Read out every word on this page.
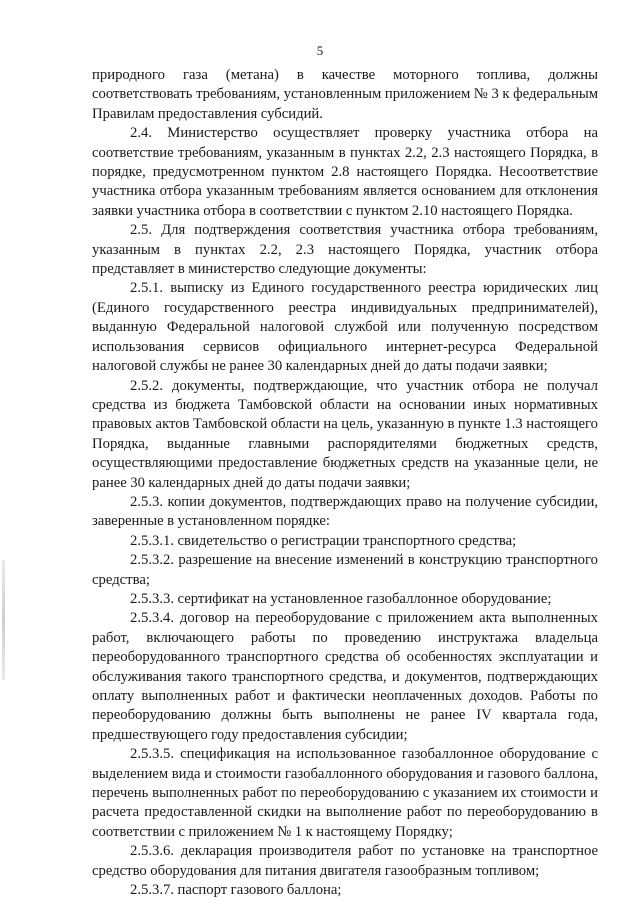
5

природного газа (метана) в качестве моторного топлива, должны соответствовать требованиям, установленным приложением № 3 к федеральным Правилам предоставления субсидий.

2.4. Министерство осуществляет проверку участника отбора на соответствие требованиям, указанным в пунктах 2.2, 2.3 настоящего Порядка, в порядке, предусмотренном пунктом 2.8 настоящего Порядка. Несоответствие участника отбора указанным требованиям является основанием для отклонения заявки участника отбора в соответствии с пунктом 2.10 настоящего Порядка.

2.5. Для подтверждения соответствия участника отбора требованиям, указанным в пунктах 2.2, 2.3 настоящего Порядка, участник отбора представляет в министерство следующие документы:

2.5.1. выписку из Единого государственного реестра юридических лиц (Единого государственного реестра индивидуальных предпринимателей), выданную Федеральной налоговой службой или полученную посредством использования сервисов официального интернет-ресурса Федеральной налоговой службы не ранее 30 календарных дней до даты подачи заявки;

2.5.2. документы, подтверждающие, что участник отбора не получал средства из бюджета Тамбовской области на основании иных нормативных правовых актов Тамбовской области на цель, указанную в пункте 1.3 настоящего Порядка, выданные главными распорядителями бюджетных средств, осуществляющими предоставление бюджетных средств на указанные цели, не ранее 30 календарных дней до даты подачи заявки;

2.5.3. копии документов, подтверждающих право на получение субсидии, заверенные в установленном порядке:

2.5.3.1. свидетельство о регистрации транспортного средства;

2.5.3.2. разрешение на внесение изменений в конструкцию транспортного средства;

2.5.3.3. сертификат на установленное газобаллонное оборудование;

2.5.3.4. договор на переоборудование с приложением акта выполненных работ, включающего работы по проведению инструктажа владельца переоборудованного транспортного средства об особенностях эксплуатации и обслуживания такого транспортного средства, и документов, подтверждающих оплату выполненных работ и фактически неоплаченных доходов. Работы по переоборудованию должны быть выполнены не ранее IV квартала года, предшествующего году предоставления субсидии;

2.5.3.5. спецификация на использованное газобаллонное оборудование с выделением вида и стоимости газобаллонного оборудования и газового баллона, перечень выполненных работ по переоборудованию с указанием их стоимости и расчета предоставленной скидки на выполнение работ по переоборудованию в соответствии с приложением № 1 к настоящему Порядку;

2.5.3.6. декларация производителя работ по установке на транспортное средство оборудования для питания двигателя газообразным топливом;

2.5.3.7. паспорт газового баллона;
